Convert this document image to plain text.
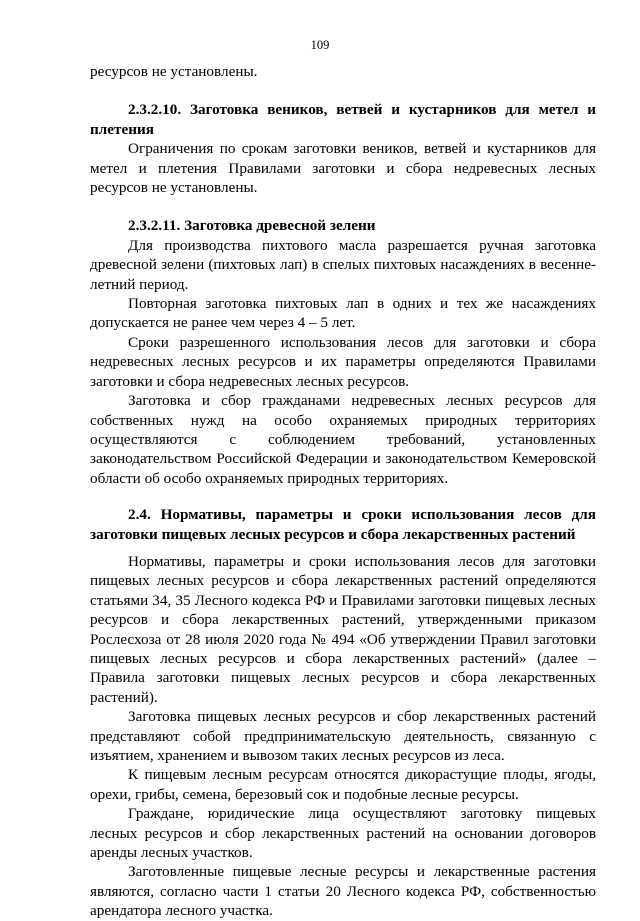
109

ресурсов не установлены.

2.3.2.10. Заготовка веников, ветвей и кустарников для метел и плетения

Ограничения по срокам заготовки веников, ветвей и кустарников для метел и плетения Правилами заготовки и сбора недревесных лесных ресурсов не установлены.

2.3.2.11. Заготовка древесной зелени

Для производства пихтового масла разрешается ручная заготовка древесной зелени (пихтовых лап) в спелых пихтовых насаждениях в весенне-летний период.

Повторная заготовка пихтовых лап в одних и тех же насаждениях допускается не ранее чем через 4 – 5 лет.

Сроки разрешенного использования лесов для заготовки и сбора недревесных лесных ресурсов и их параметры определяются Правилами заготовки и сбора недревесных лесных ресурсов.

Заготовка и сбор гражданами недревесных лесных ресурсов для собственных нужд на особо охраняемых природных территориях осуществляются с соблюдением требований, установленных законодательством Российской Федерации и законодательством Кемеровской области об особо охраняемых природных территориях.

2.4. Нормативы, параметры и сроки использования лесов для заготовки пищевых лесных ресурсов и сбора лекарственных растений

Нормативы, параметры и сроки использования лесов для заготовки пищевых лесных ресурсов и сбора лекарственных растений определяются статьями 34, 35 Лесного кодекса РФ и Правилами заготовки пищевых лесных ресурсов и сбора лекарственных растений, утвержденными приказом Рослесхоза от 28 июля 2020 года № 494 «Об утверждении Правил заготовки пищевых лесных ресурсов и сбора лекарственных растений» (далее – Правила заготовки пищевых лесных ресурсов и сбора лекарственных растений).

Заготовка пищевых лесных ресурсов и сбор лекарственных растений представляют собой предпринимательскую деятельность, связанную с изъятием, хранением и вывозом таких лесных ресурсов из леса.

К пищевым лесным ресурсам относятся дикорастущие плоды, ягоды, орехи, грибы, семена, березовый сок и подобные лесные ресурсы.

Граждане, юридические лица осуществляют заготовку пищевых лесных ресурсов и сбор лекарственных растений на основании договоров аренды лесных участков.

Заготовленные пищевые лесные ресурсы и лекарственные растения являются, согласно части 1 статьи 20 Лесного кодекса РФ, собственностью арендатора лесного участка.
